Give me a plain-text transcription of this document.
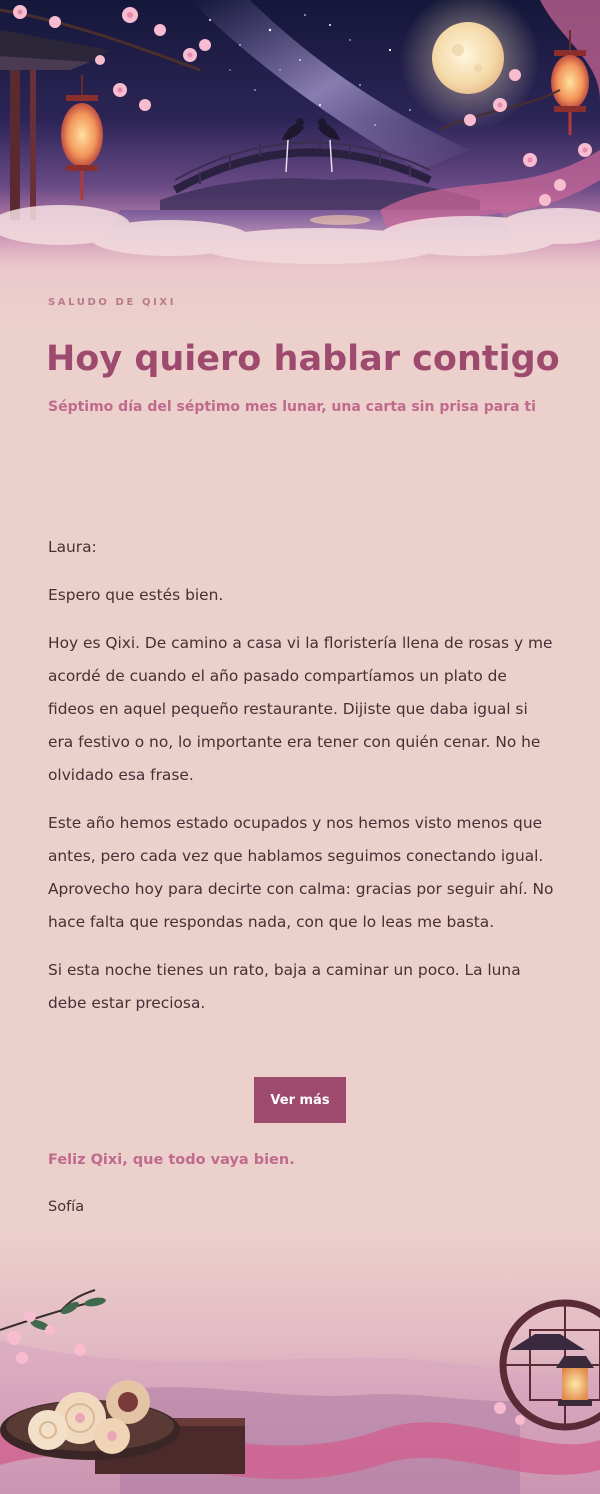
SALUDO DE QIXI
Hoy quiero hablar contigo

Séptimo día del séptimo mes lunar, una carta sin prisa para ti

Laura:

Espero que estés bien.

Hoy es Qixi. De camino a casa vi la floristería llena de rosas y me acordé de cuando el año pasado compartíamos un plato de fideos en aquel pequeño restaurante. Dijiste que daba igual si era festivo o no, lo importante era tener con quién cenar. No he olvidado esa frase.

Este año hemos estado ocupados y nos hemos visto menos que antes, pero cada vez que hablamos seguimos conectando igual. Aprovecho hoy para decirte con calma: gracias por seguir ahí. No hace falta que respondas nada, con que lo leas me basta.

Si esta noche tienes un rato, baja a caminar un poco. La luna debe estar preciosa.

Ver más

Feliz Qixi, que todo vaya bien.

Sofía
